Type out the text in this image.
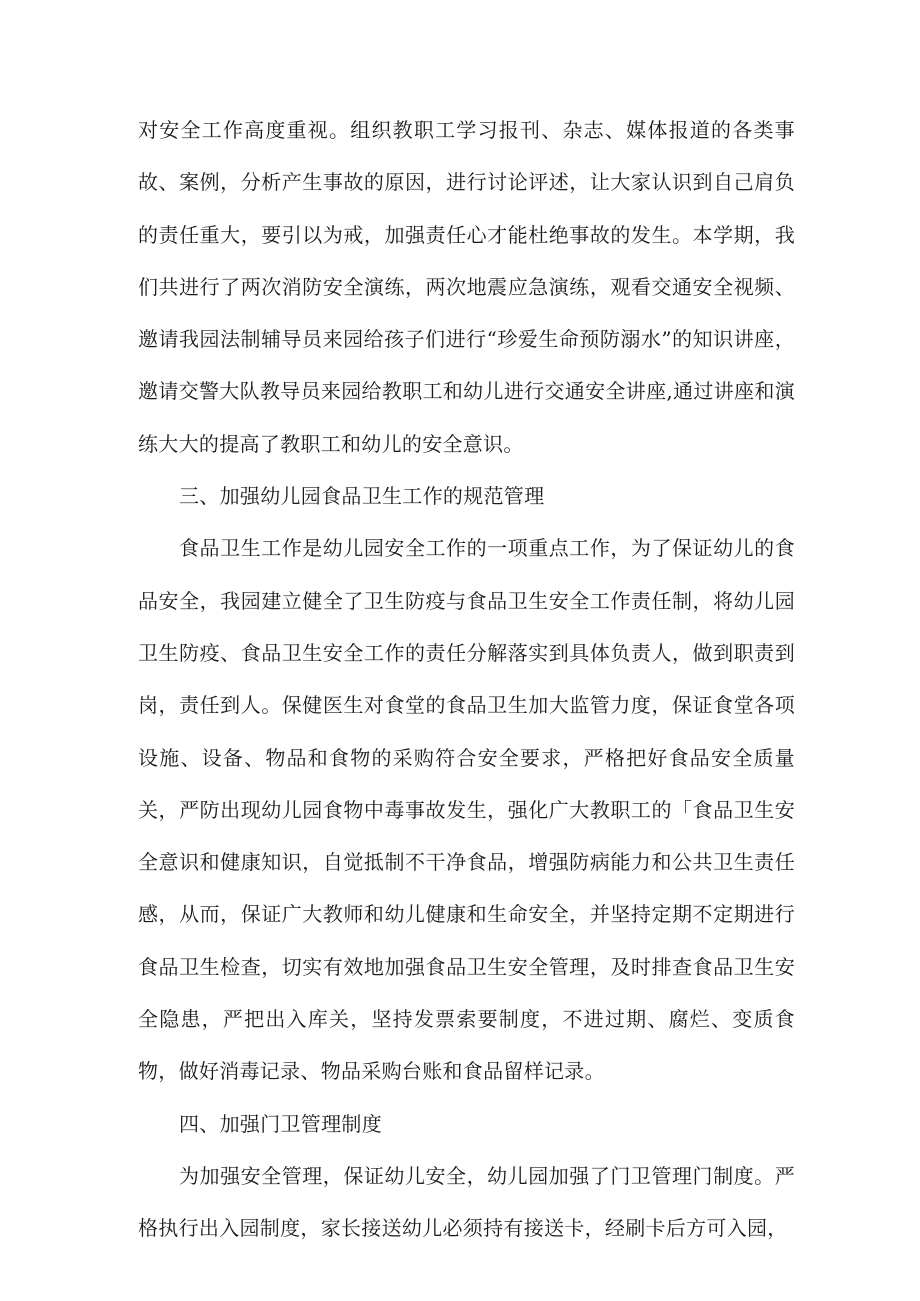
对安全工作高度重视。组织教职工学习报刊、杂志、媒体报道的各类事故、案例，分析产生事故的原因，进行讨论评述，让大家认识到自己肩负的责任重大，要引以为戒，加强责任心才能杜绝事故的发生。本学期，我们共进行了两次消防安全演练，两次地震应急演练，观看交通安全视频、邀请我园法制辅导员来园给孩子们进行“珍爱生命预防溺水”的知识讲座，邀请交警大队教导员来园给教职工和幼儿进行交通安全讲座,通过讲座和演练大大的提高了教职工和幼儿的安全意识。

三、加强幼儿园食品卫生工作的规范管理

食品卫生工作是幼儿园安全工作的一项重点工作，为了保证幼儿的食品安全，我园建立健全了卫生防疫与食品卫生安全工作责任制，将幼儿园卫生防疫、食品卫生安全工作的责任分解落实到具体负责人，做到职责到岗，责任到人。保健医生对食堂的食品卫生加大监管力度，保证食堂各项设施、设备、物品和食物的采购符合安全要求，严格把好食品安全质量关，严防出现幼儿园食物中毒事故发生，强化广大教职工的「食品卫生安全意识和健康知识，自觉抵制不干净食品，增强防病能力和公共卫生责任感，从而，保证广大教师和幼儿健康和生命安全，并坚持定期不定期进行食品卫生检查，切实有效地加强食品卫生安全管理，及时排查食品卫生安全隐患，严把出入库关，坚持发票索要制度，不进过期、腐烂、变质食物，做好消毒记录、物品采购台账和食品留样记录。

四、加强门卫管理制度

为加强安全管理，保证幼儿安全，幼儿园加强了门卫管理门制度。严格执行出入园制度，家长接送幼儿必须持有接送卡，经刷卡后方可入园，
